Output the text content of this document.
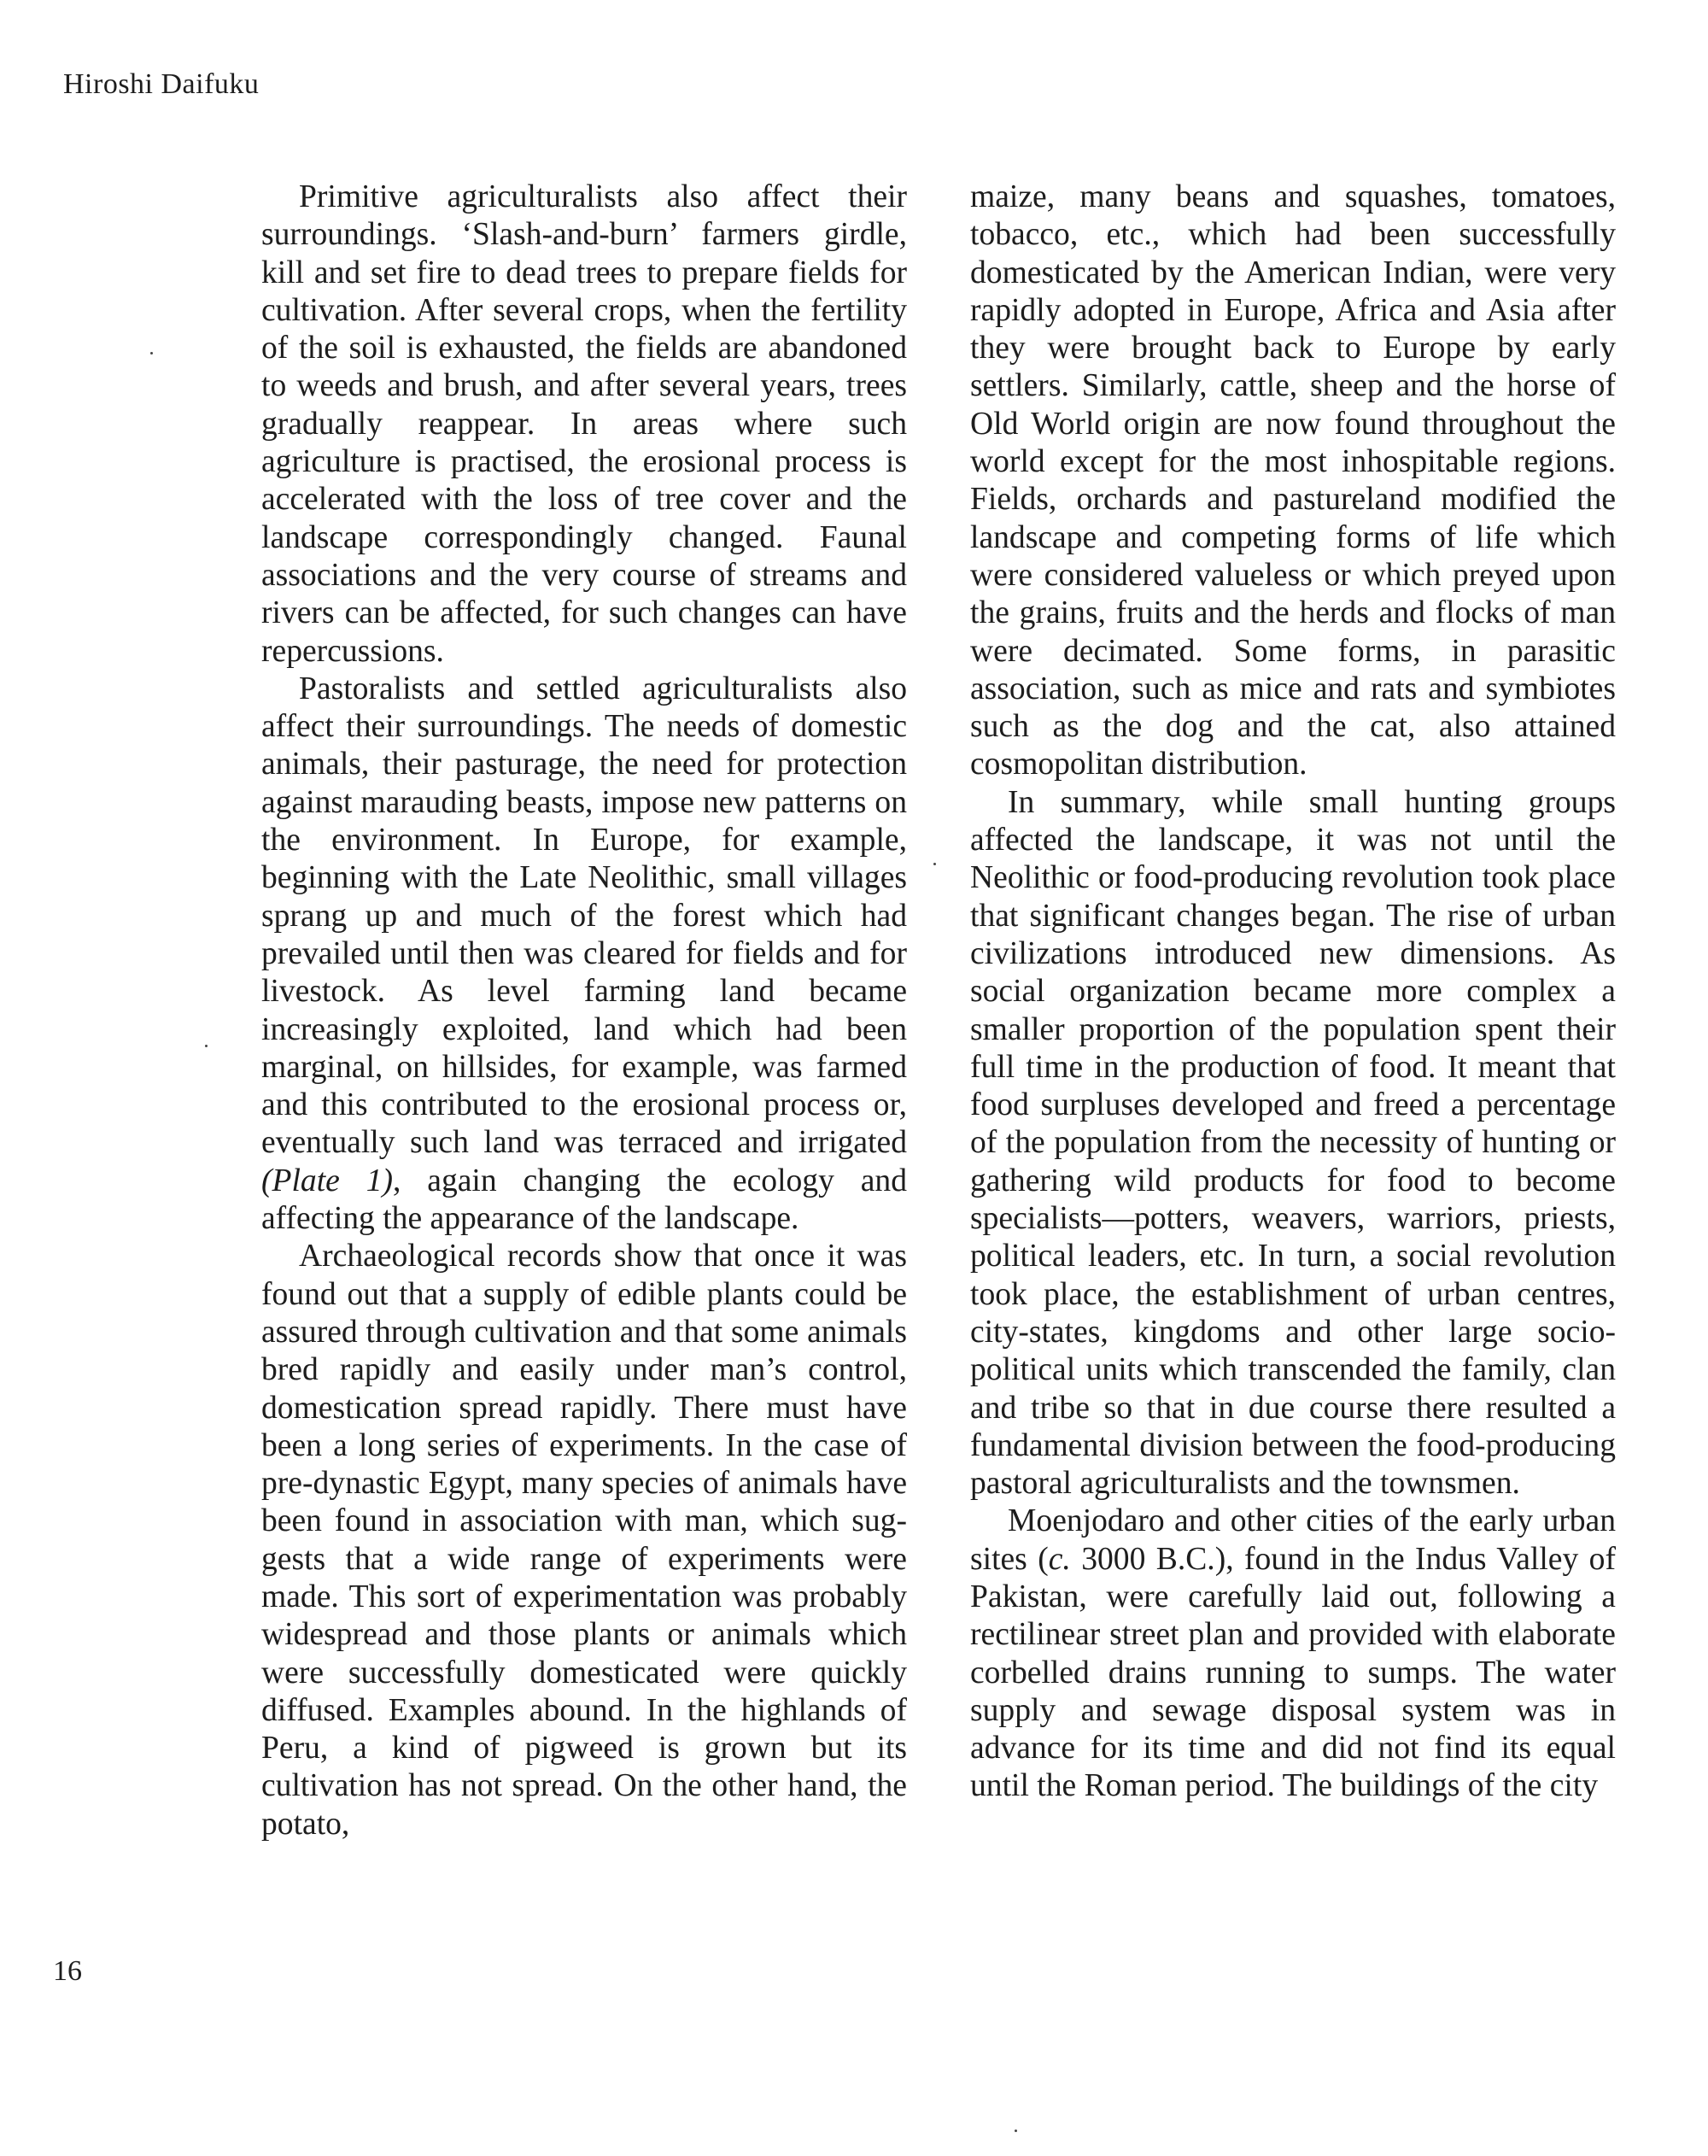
Hiroshi Daifuku

Primitive agriculturalists also affect their surroundings. ‘Slash-and-burn’ farmers girdle, kill and set fire to dead trees to prepare fields for cultivation. After several crops, when the fertility of the soil is exhausted, the fields are abandoned to weeds and brush, and after several years, trees gradually reappear. In areas where such agriculture is practised, the erosional process is accelerated with the loss of tree cover and the landscape correspondingly changed. Faunal associations and the very course of streams and rivers can be affected, for such changes can have repercussions.

Pastoralists and settled agriculturalists also affect their surroundings. The needs of domestic animals, their pasturage, the need for protection against marauding beasts, impose new patterns on the environment. In Europe, for example, beginning with the Late Neolithic, small villages sprang up and much of the forest which had prevailed until then was cleared for fields and for livestock. As level farming land became increasingly exploited, land which had been marginal, on hillsides, for example, was farmed and this contributed to the erosional process or, eventually such land was terraced and irrigated (Plate 1), again changing the ecology and affecting the appearance of the landscape.

Archaeological records show that once it was found out that a supply of edible plants could be assured through cultivation and that some animals bred rapidly and easily under man’s control, domestication spread rapidly. There must have been a long series of experiments. In the case of pre-dynastic Egypt, many species of animals have been found in association with man, which suggests that a wide range of experiments were made. This sort of experimentation was probably widespread and those plants or animals which were successfully domesticated were quickly diffused. Examples abound. In the highlands of Peru, a kind of pigweed is grown but its cultivation has not spread. On the other hand, the potato,

maize, many beans and squashes, tomatoes, tobacco, etc., which had been successfully domesticated by the American Indian, were very rapidly adopted in Europe, Africa and Asia after they were brought back to Europe by early settlers. Similarly, cattle, sheep and the horse of Old World origin are now found throughout the world except for the most inhospitable regions. Fields, orchards and pastureland modified the landscape and competing forms of life which were considered valueless or which preyed upon the grains, fruits and the herds and flocks of man were decimated. Some forms, in parasitic association, such as mice and rats and symbiotes such as the dog and the cat, also attained cosmopolitan distribution.

In summary, while small hunting groups affected the landscape, it was not until the Neolithic or food-producing revolution took place that significant changes began. The rise of urban civilizations introduced new dimensions. As social organization became more complex a smaller proportion of the population spent their full time in the production of food. It meant that food surpluses developed and freed a percentage of the population from the necessity of hunting or gathering wild products for food to become specialists—potters, weavers, warriors, priests, political leaders, etc. In turn, a social revolution took place, the establishment of urban centres, city-states, kingdoms and other large socio-political units which transcended the family, clan and tribe so that in due course there resulted a fundamental division between the food-producing pastoral agriculturalists and the townsmen.

Moenjodaro and other cities of the early urban sites (c. 3000 B.C.), found in the Indus Valley of Pakistan, were carefully laid out, following a rectilinear street plan and provided with elaborate corbelled drains running to sumps. The water supply and sewage disposal system was in advance for its time and did not find its equal until the Roman period. The buildings of the city

16
